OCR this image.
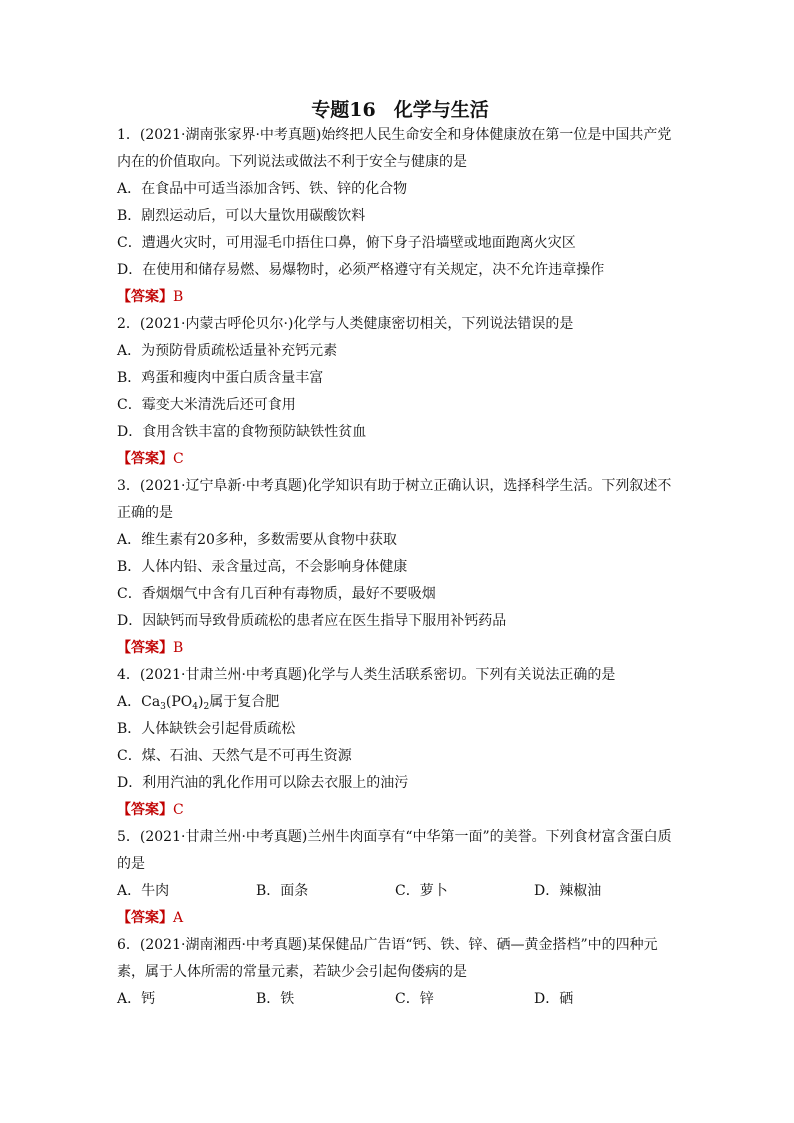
专题16 化学与生活
1．(2021·湖南张家界·中考真题)始终把人民生命安全和身体健康放在第一位是中国共产党内在的价值取向。下列说法或做法不利于安全与健康的是
A．在食品中可适当添加含钙、铁、锌的化合物
B．剧烈运动后，可以大量饮用碳酸饮料
C．遭遇火灾时，可用湿毛巾捂住口鼻，俯下身子沿墙壁或地面跑离火灾区
D．在使用和储存易燃、易爆物时，必须严格遵守有关规定，决不允许违章操作
【答案】B
2．(2021·内蒙古呼伦贝尔·)化学与人类健康密切相关，下列说法错误的是
A．为预防骨质疏松适量补充钙元素
B．鸡蛋和瘦肉中蛋白质含量丰富
C．霉变大米清洗后还可食用
D．食用含铁丰富的食物预防缺铁性贫血
【答案】C
3．(2021·辽宁阜新·中考真题)化学知识有助于树立正确认识，选择科学生活。下列叙述不正确的是
A．维生素有20多种，多数需要从食物中获取
B．人体内铅、汞含量过高，不会影响身体健康
C．香烟烟气中含有几百种有毒物质，最好不要吸烟
D．因缺钙而导致骨质疏松的患者应在医生指导下服用补钙药品
【答案】B
4．(2021·甘肃兰州·中考真题)化学与人类生活联系密切。下列有关说法正确的是
A．$Ca_3(PO_4)_2$属于复合肥
B．人体缺铁会引起骨质疏松
C．煤、石油、天然气是不可再生资源
D．利用汽油的乳化作用可以除去衣服上的油污
【答案】C
5．(2021·甘肃兰州·中考真题)兰州牛肉面享有“中华第一面”的美誉。下列食材富含蛋白质的是
A．牛肉	B．面条	C．萝卜	D．辣椒油
【答案】A
6．(2021·湖南湘西·中考真题)某保健品广告语“钙、铁、锌、硒—黄金搭档”中的四种元素，属于人体所需的常量元素，若缺少会引起佝偻病的是
A．钙	B．铁	C．锌	D．硒
